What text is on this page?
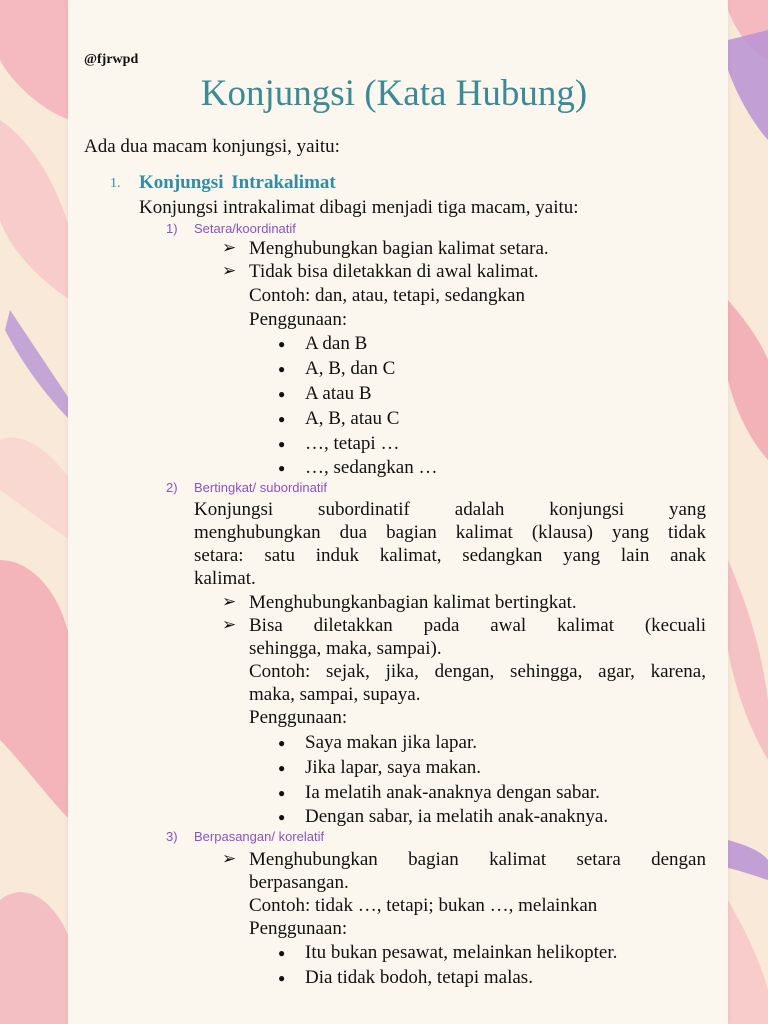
@fjrwpd
Konjungsi (Kata Hubung)
Ada dua macam konjungsi, yaitu:
1. Konjungsi Intrakalimat
Konjungsi intrakalimat dibagi menjadi tiga macam, yaitu:
1) Setara/koordinatif
➢ Menghubungkan bagian kalimat setara.
➢ Tidak bisa diletakkan di awal kalimat.
Contoh: dan, atau, tetapi, sedangkan
Penggunaan:
● A dan B
● A, B, dan C
● A atau B
● A, B, atau C
● …, tetapi …
● …, sedangkan …
2) Bertingkat/ subordinatif
Konjungsi subordinatif adalah konjungsi yang
menghubungkan dua bagian kalimat (klausa) yang tidak
setara: satu induk kalimat, sedangkan yang lain anak
kalimat.
➢ Menghubungkanbagian kalimat bertingkat.
➢ Bisa diletakkan pada awal kalimat (kecuali
sehingga, maka, sampai).
Contoh: sejak, jika, dengan, sehingga, agar, karena,
maka, sampai, supaya.
Penggunaan:
● Saya makan jika lapar.
● Jika lapar, saya makan.
● Ia melatih anak-anaknya dengan sabar.
● Dengan sabar, ia melatih anak-anaknya.
3) Berpasangan/ korelatif
➢ Menghubungkan bagian kalimat setara dengan
berpasangan.
Contoh: tidak …, tetapi; bukan …, melainkan
Penggunaan:
● Itu bukan pesawat, melainkan helikopter.
● Dia tidak bodoh, tetapi malas.
